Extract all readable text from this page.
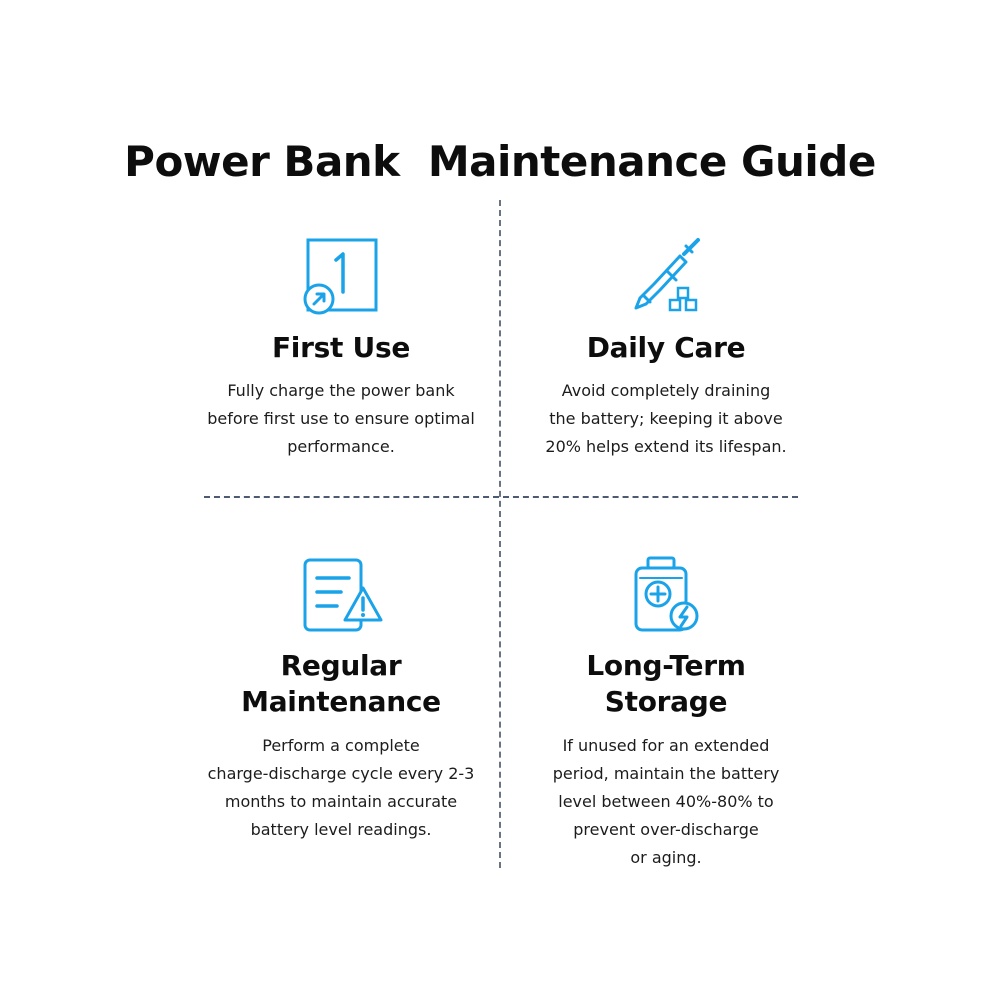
Power Bank  Maintenance Guide
First Use

Fully charge the power bank
before first use to ensure optimal
performance.

Daily Care

Avoid completely draining
the battery; keeping it above
20% helps extend its lifespan.

Regular
Maintenance

Perform a complete
charge-discharge cycle every 2-3
months to maintain accurate
battery level readings.

Long-Term
Storage

If unused for an extended
period, maintain the battery
level between 40%-80% to
prevent over-discharge
or aging.
